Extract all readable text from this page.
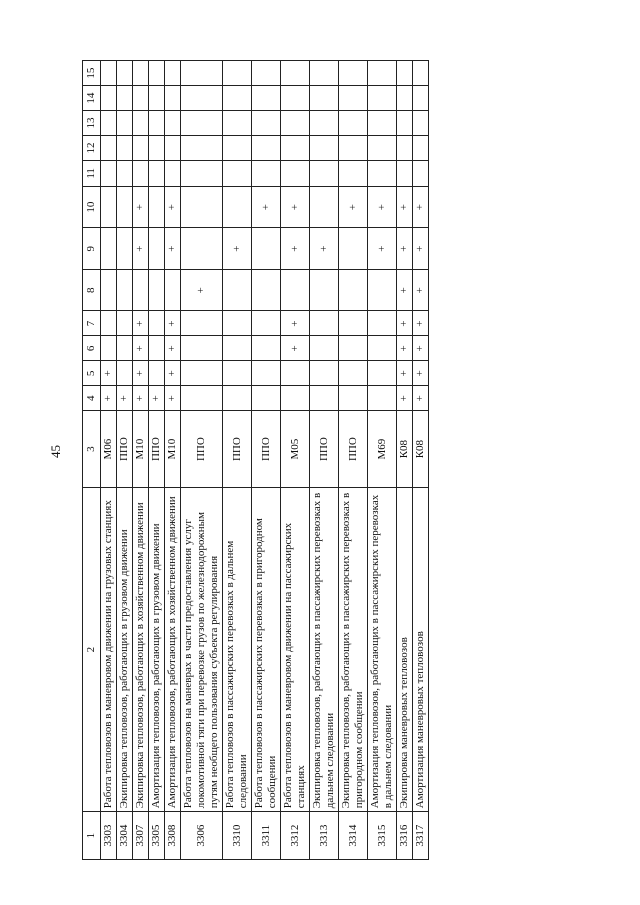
45
1	2	3	4	5	6	7	8	9	10	11	12	13	14	15
3303	Работа тепловозов в маневровом движении на грузовых станциях	М06	+	+										
3304	Экипировка тепловозов, работающих в грузовом движении	ППО	+											
3307	Экипировка тепловозов, работающих в хозяйственном движении	М10	+	+	+	+		+	+					
3305	Амортизация тепловозов, работающих в грузовом движении	ППО	+											
3308	Амортизация тепловозов, работающих в хозяйственном движении	М10	+	+	+	+		+	+					
3306	Работа тепловозов на маневрах в части предоставления услуг локомотивной тяги при перевозке грузов по железнодорожным путям необщего пользования субъекта регулирования	ППО					+							
3310	Работа тепловозов в пассажирских перевозках в дальнем следовании	ППО						+						
3311	Работа тепловозов в пассажирских перевозках в пригородном сообщении	ППО							+					
3312	Работа тепловозов в маневровом движении на пассажирских станциях	М05			+	+		+	+					
3313	Экипировка тепловозов, работающих в пассажирских перевозках в дальнем следовании	ППО						+						
3314	Экипировка тепловозов, работающих в пассажирских перевозках в пригородном сообщении	ППО							+					
3315	Амортизация тепловозов, работающих в пассажирских перевозках в дальнем следовании	М69						+	+					
3316	Экипировка маневровых тепловозов	К08	+	+	+	+	+	+	+					
3317	Амортизация маневровых тепловозов	К08	+	+	+	+	+	+	+					
